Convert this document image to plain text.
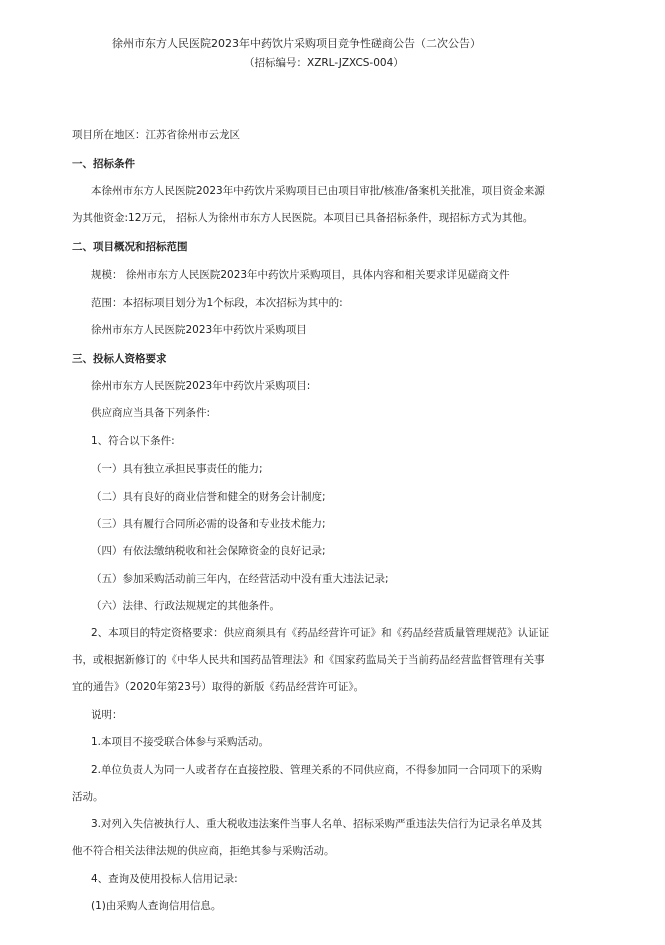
徐州市东方人民医院2023年中药饮片采购项目竞争性磋商公告（二次公告）
（招标编号：XZRL-JZXCS-004）
项目所在地区：江苏省徐州市云龙区
一、招标条件
本徐州市东方人民医院2023年中药饮片采购项目已由项目审批/核准/备案机关批准，项目资金来源
为其他资金:12万元， 招标人为徐州市东方人民医院。本项目已具备招标条件，现招标方式为其他。
二、项目概况和招标范围
规模： 徐州市东方人民医院2023年中药饮片采购项目，具体内容和相关要求详见磋商文件
范围：本招标项目划分为1个标段，本次招标为其中的:
徐州市东方人民医院2023年中药饮片采购项目
三、投标人资格要求
徐州市东方人民医院2023年中药饮片采购项目:
供应商应当具备下列条件:
1、符合以下条件:
（一）具有独立承担民事责任的能力;
（二）具有良好的商业信誉和健全的财务会计制度;
（三）具有履行合同所必需的设备和专业技术能力;
（四）有依法缴纳税收和社会保障资金的良好记录;
（五）参加采购活动前三年内，在经营活动中没有重大违法记录;
（六）法律、行政法规规定的其他条件。
2、本项目的特定资格要求：供应商须具有《药品经营许可证》和《药品经营质量管理规范》认证证
书，或根据新修订的《中华人民共和国药品管理法》和《国家药监局关于当前药品经营监督管理有关事
宜的通告》（2020年第23号）取得的新版《药品经营许可证》。
说明：
1.本项目不接受联合体参与采购活动。
2.单位负责人为同一人或者存在直接控股、管理关系的不同供应商，不得参加同一合同项下的采购
活动。
3.对列入失信被执行人、重大税收违法案件当事人名单、招标采购严重违法失信行为记录名单及其
他不符合相关法律法规的供应商，拒绝其参与采购活动。
4、查询及使用投标人信用记录:
(1)由采购人查询信用信息。
